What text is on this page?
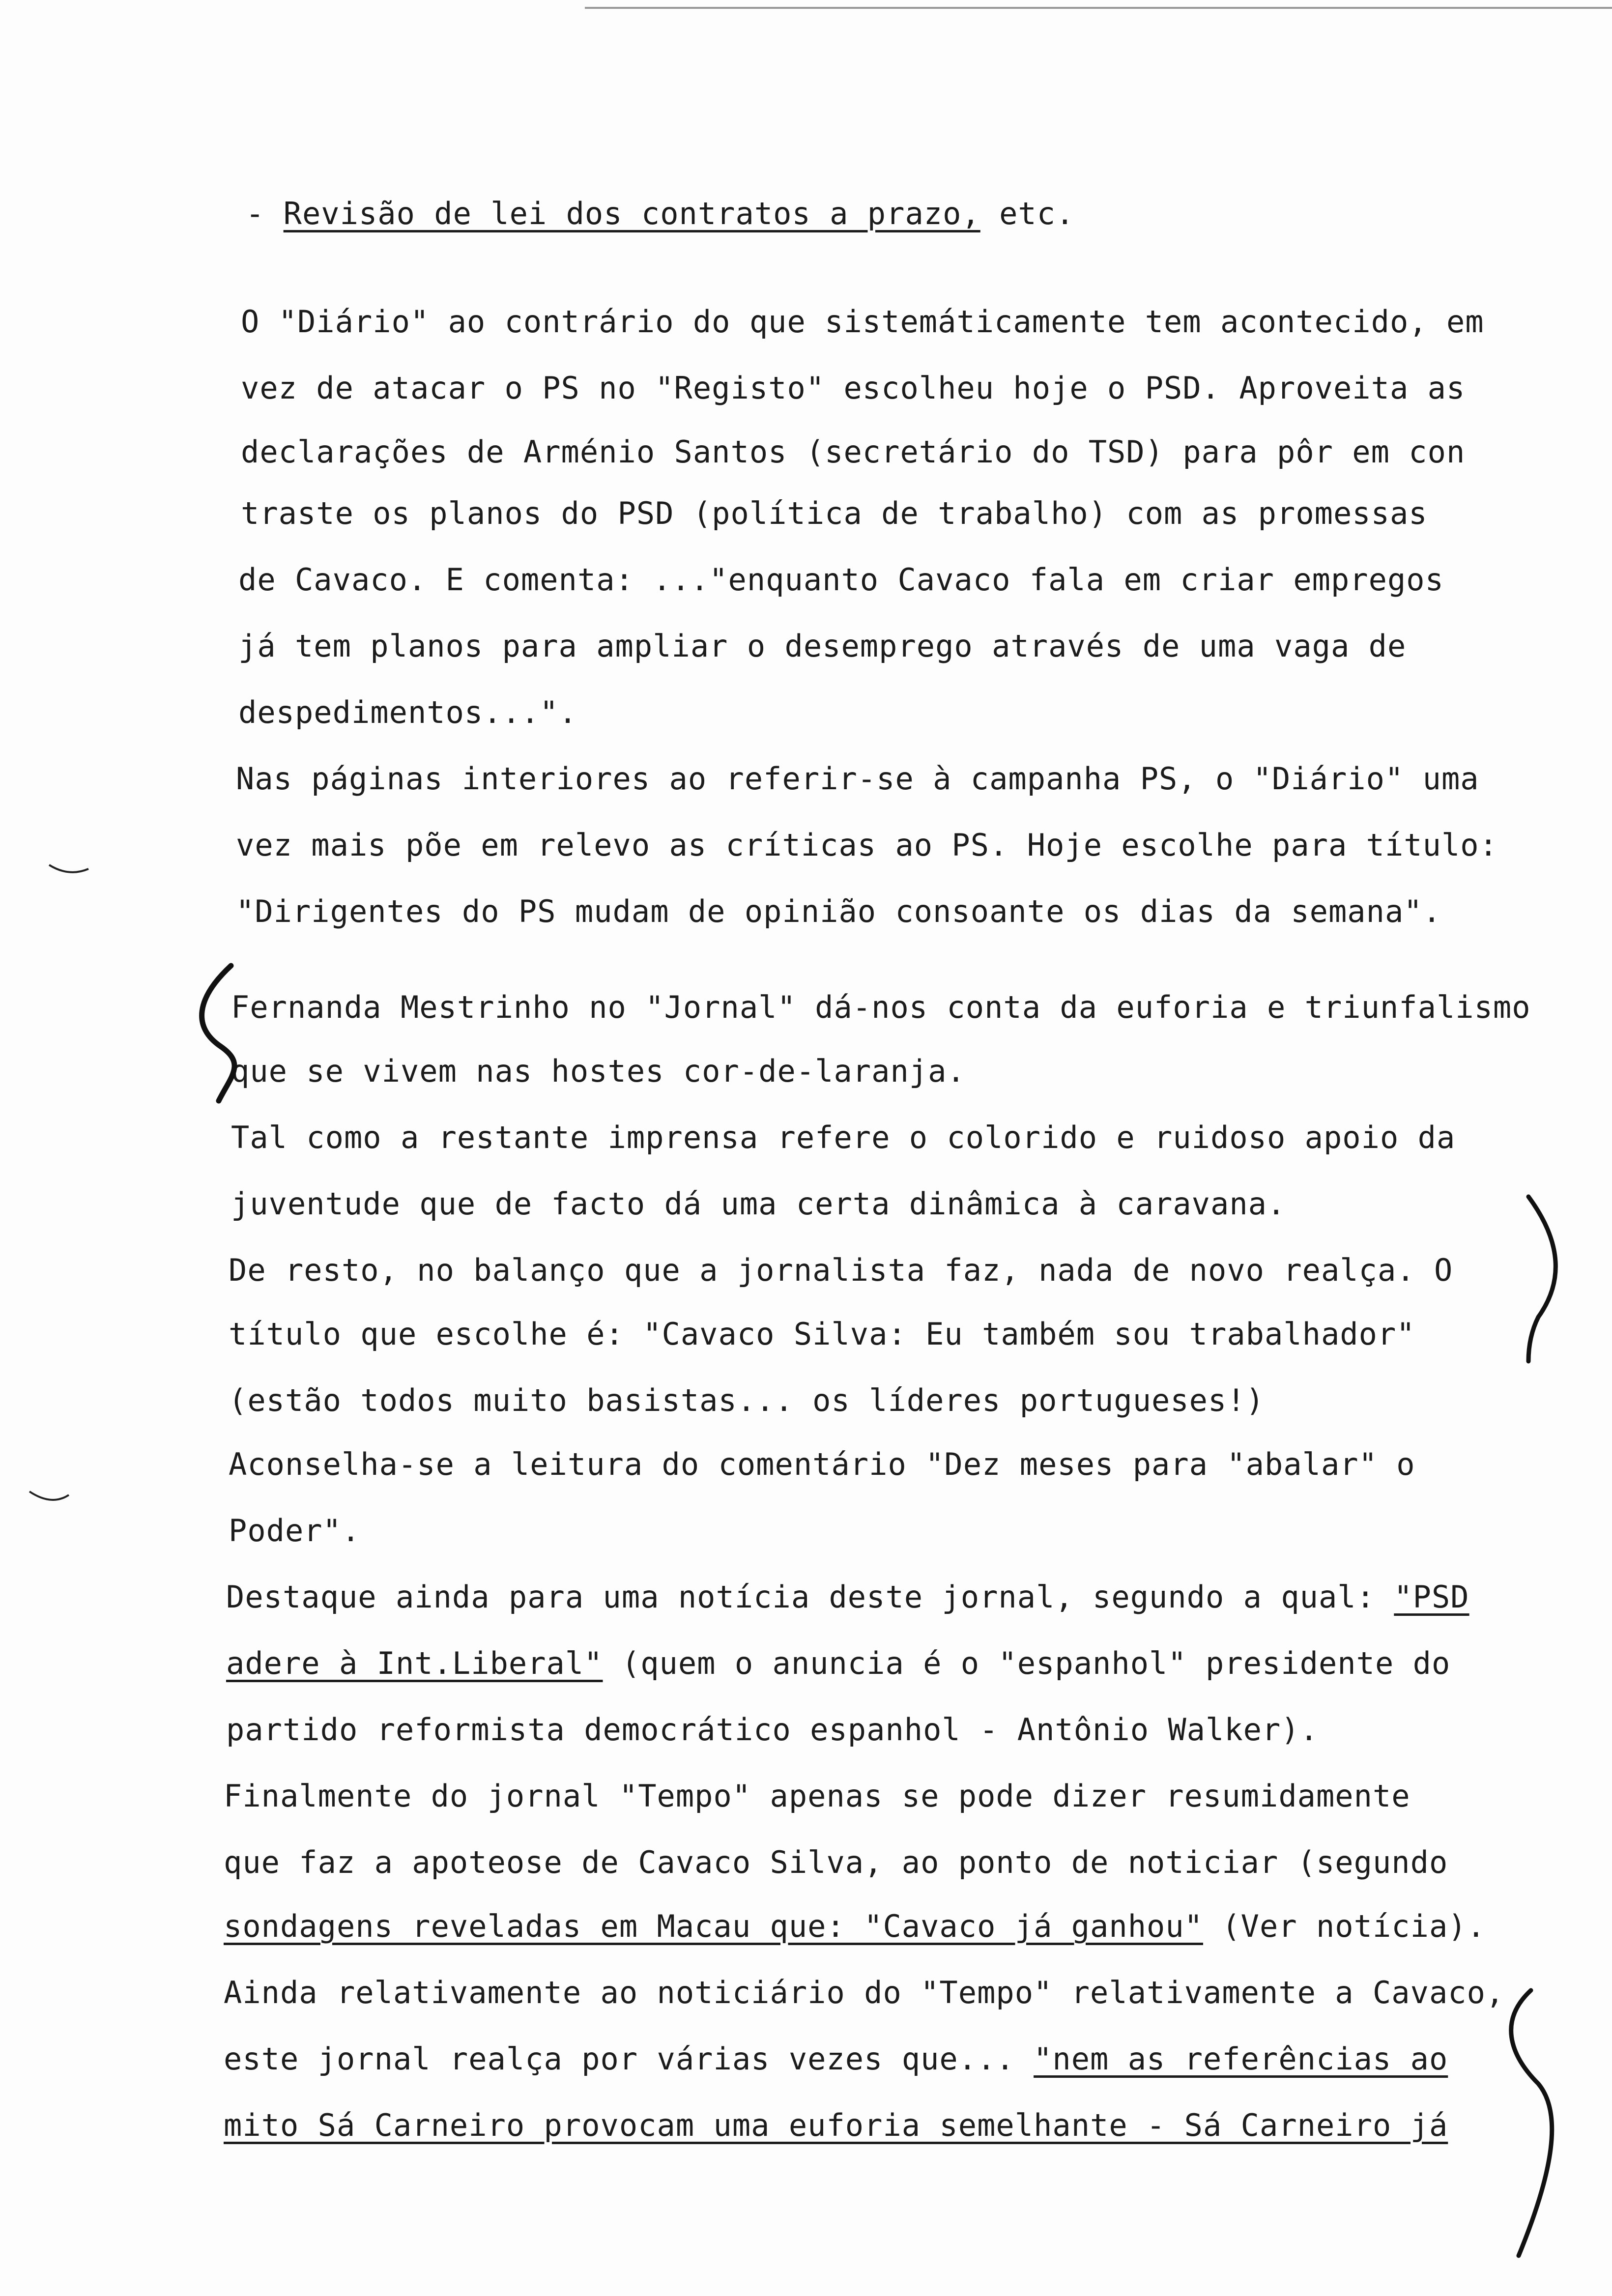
- Revisão de lei dos contratos a prazo, etc.
O "Diário" ao contrário do que sistemáticamente tem acontecido, em
vez de atacar o PS no "Registo" escolheu hoje o PSD. Aproveita as
declarações de Arménio Santos (secretário do TSD) para pôr em con
traste os planos do PSD (política de trabalho) com as promessas
de Cavaco. E comenta: ..."enquanto Cavaco fala em criar empregos
já tem planos para ampliar o desemprego através de uma vaga de
despedimentos...".
Nas páginas interiores ao referir-se à campanha PS, o "Diário" uma
vez mais põe em relevo as críticas ao PS. Hoje escolhe para título:
"Dirigentes do PS mudam de opinião consoante os dias da semana".
Fernanda Mestrinho no "Jornal" dá-nos conta da euforia e triunfalismo
que se vivem nas hostes cor-de-laranja.
Tal como a restante imprensa refere o colorido e ruidoso apoio da
juventude que de facto dá uma certa dinâmica à caravana.
De resto, no balanço que a jornalista faz, nada de novo realça. O
título que escolhe é: "Cavaco Silva: Eu também sou trabalhador"
(estão todos muito basistas... os líderes portugueses!)
Aconselha-se a leitura do comentário "Dez meses para "abalar" o
Poder".
Destaque ainda para uma notícia deste jornal, segundo a qual: "PSD
adere à Int.Liberal" (quem o anuncia é o "espanhol" presidente do
partido reformista democrático espanhol - Antônio Walker).
Finalmente do jornal "Tempo" apenas se pode dizer resumidamente
que faz a apoteose de Cavaco Silva, ao ponto de noticiar (segundo
sondagens reveladas em Macau que: "Cavaco já ganhou" (Ver notícia).
Ainda relativamente ao noticiário do "Tempo" relativamente a Cavaco,
este jornal realça por várias vezes que... "nem as referências ao
mito Sá Carneiro provocam uma euforia semelhante - Sá Carneiro já
